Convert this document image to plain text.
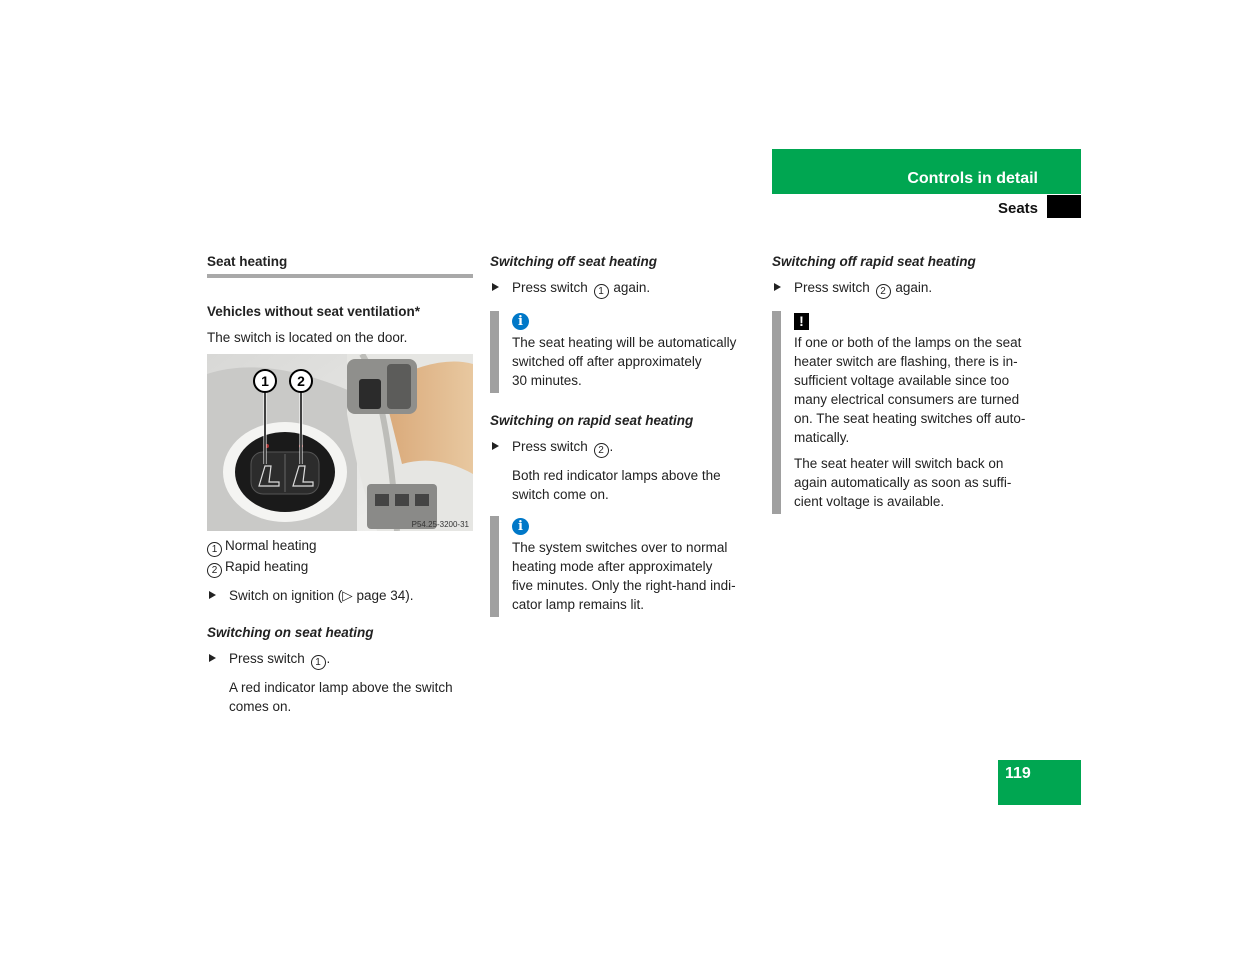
Controls in detail
Seats

Seat heating

Vehicles without seat ventilation*

The switch is located on the door.

1 2
P54.25-3200-31

1 Normal heating

2 Rapid heating

Switch on ignition (▷ page 34).

Switching on seat heating

Press switch 1 .

A red indicator lamp above the switch comes on.

Switching off seat heating

Press switch 1 again.

i

The seat heating will be automatically

switched off after approximately

30 minutes.

Switching on rapid seat heating

Press switch 2 .

Both red indicator lamps above the

switch come on.

i

The system switches over to normal

heating mode after approximately

five minutes. Only the right-hand indi-

cator lamp remains lit.

Switching off rapid seat heating

Press switch 2 again.

!

If one or both of the lamps on the seat

heater switch are flashing, there is in-

sufficient voltage available since too

many electrical consumers are turned

on. The seat heating switches off auto-

matically.

The seat heater will switch back on

again automatically as soon as suffi-

cient voltage is available.

119
